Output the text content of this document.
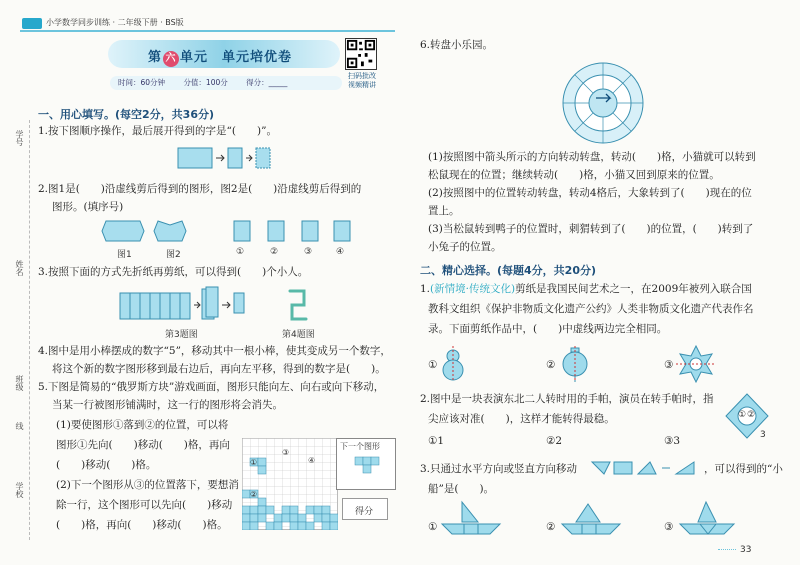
小学数学同步训练 · 二年级下册 · BS版
学号
姓名
班级
线
学校
第 六 单元　单元培优卷
时间：60分钟 分值：100分 得分：_____
扫码批改
视频精讲
一、用心填写。(每空2分，共36分)
1.按下图顺序操作，最后展开得到的字是“(　　)”。
2.图1是(　　)沿虚线剪后得到的图形，图2是(　　)沿虚线剪后得到的
图形。(填序号)
图1	图2	①	②	③	④
3.按照下面的方式先折纸再剪纸，可以得到(　　)个小人。
第3题图	第4题图
4.图中是用小棒摆成的数字“5”，移动其中一根小棒，使其变成另一个数字，
将这个新的数字图形移到最右边后，再向左平移，得到的数字是(　　)。
5.下图是简易的“俄罗斯方块”游戏画面，图形只能向左、向右或向下移动，
当某一行被图形铺满时，这一行的图形将会消失。
(1)要使图形①落到②的位置，可以将
图形①先向(　　)移动(　　)格，再向
(　　)移动(　　)格。
(2)下一个图形从③的位置落下，要想消
除一行，这个图形可以先向(　　)移动
(　　)格，再向(　　)移动(　　)格。
①
②
③
④
下一个图形
得分
6.转盘小乐园。
(1)按照图中箭头所示的方向转动转盘，转动(　　)格，小猫就可以转到
松鼠现在的位置；继续转动(　　)格，小猫又回到原来的位置。
(2)按照图中的位置转动转盘，转动4格后，大象转到了(　　)现在的位
置上。
(3)当松鼠转到鸭子的位置时，刺猬转到了(　　)的位置，(　　)转到了
小兔子的位置。
二、精心选择。(每题4分，共20分)
1.(新情境·传统文化)剪纸是我国民间艺术之一，在2009年被列入联合国
教科文组织《保护非物质文化遗产公约》人类非物质文化遗产代表作名
录。下面剪纸作品中，(　　)中虚线两边完全相同。
①	②	③
2.图中是一块表演东北二人转时用的手帕，演员在转手帕时，指
尖应该对准(　　)，这样才能转得最稳。
①1	②2	③3
① ②
3
3.只通过水平方向或竖直方向移动	，可以得到的“小
船”是(　　)。
①	②	③
33
